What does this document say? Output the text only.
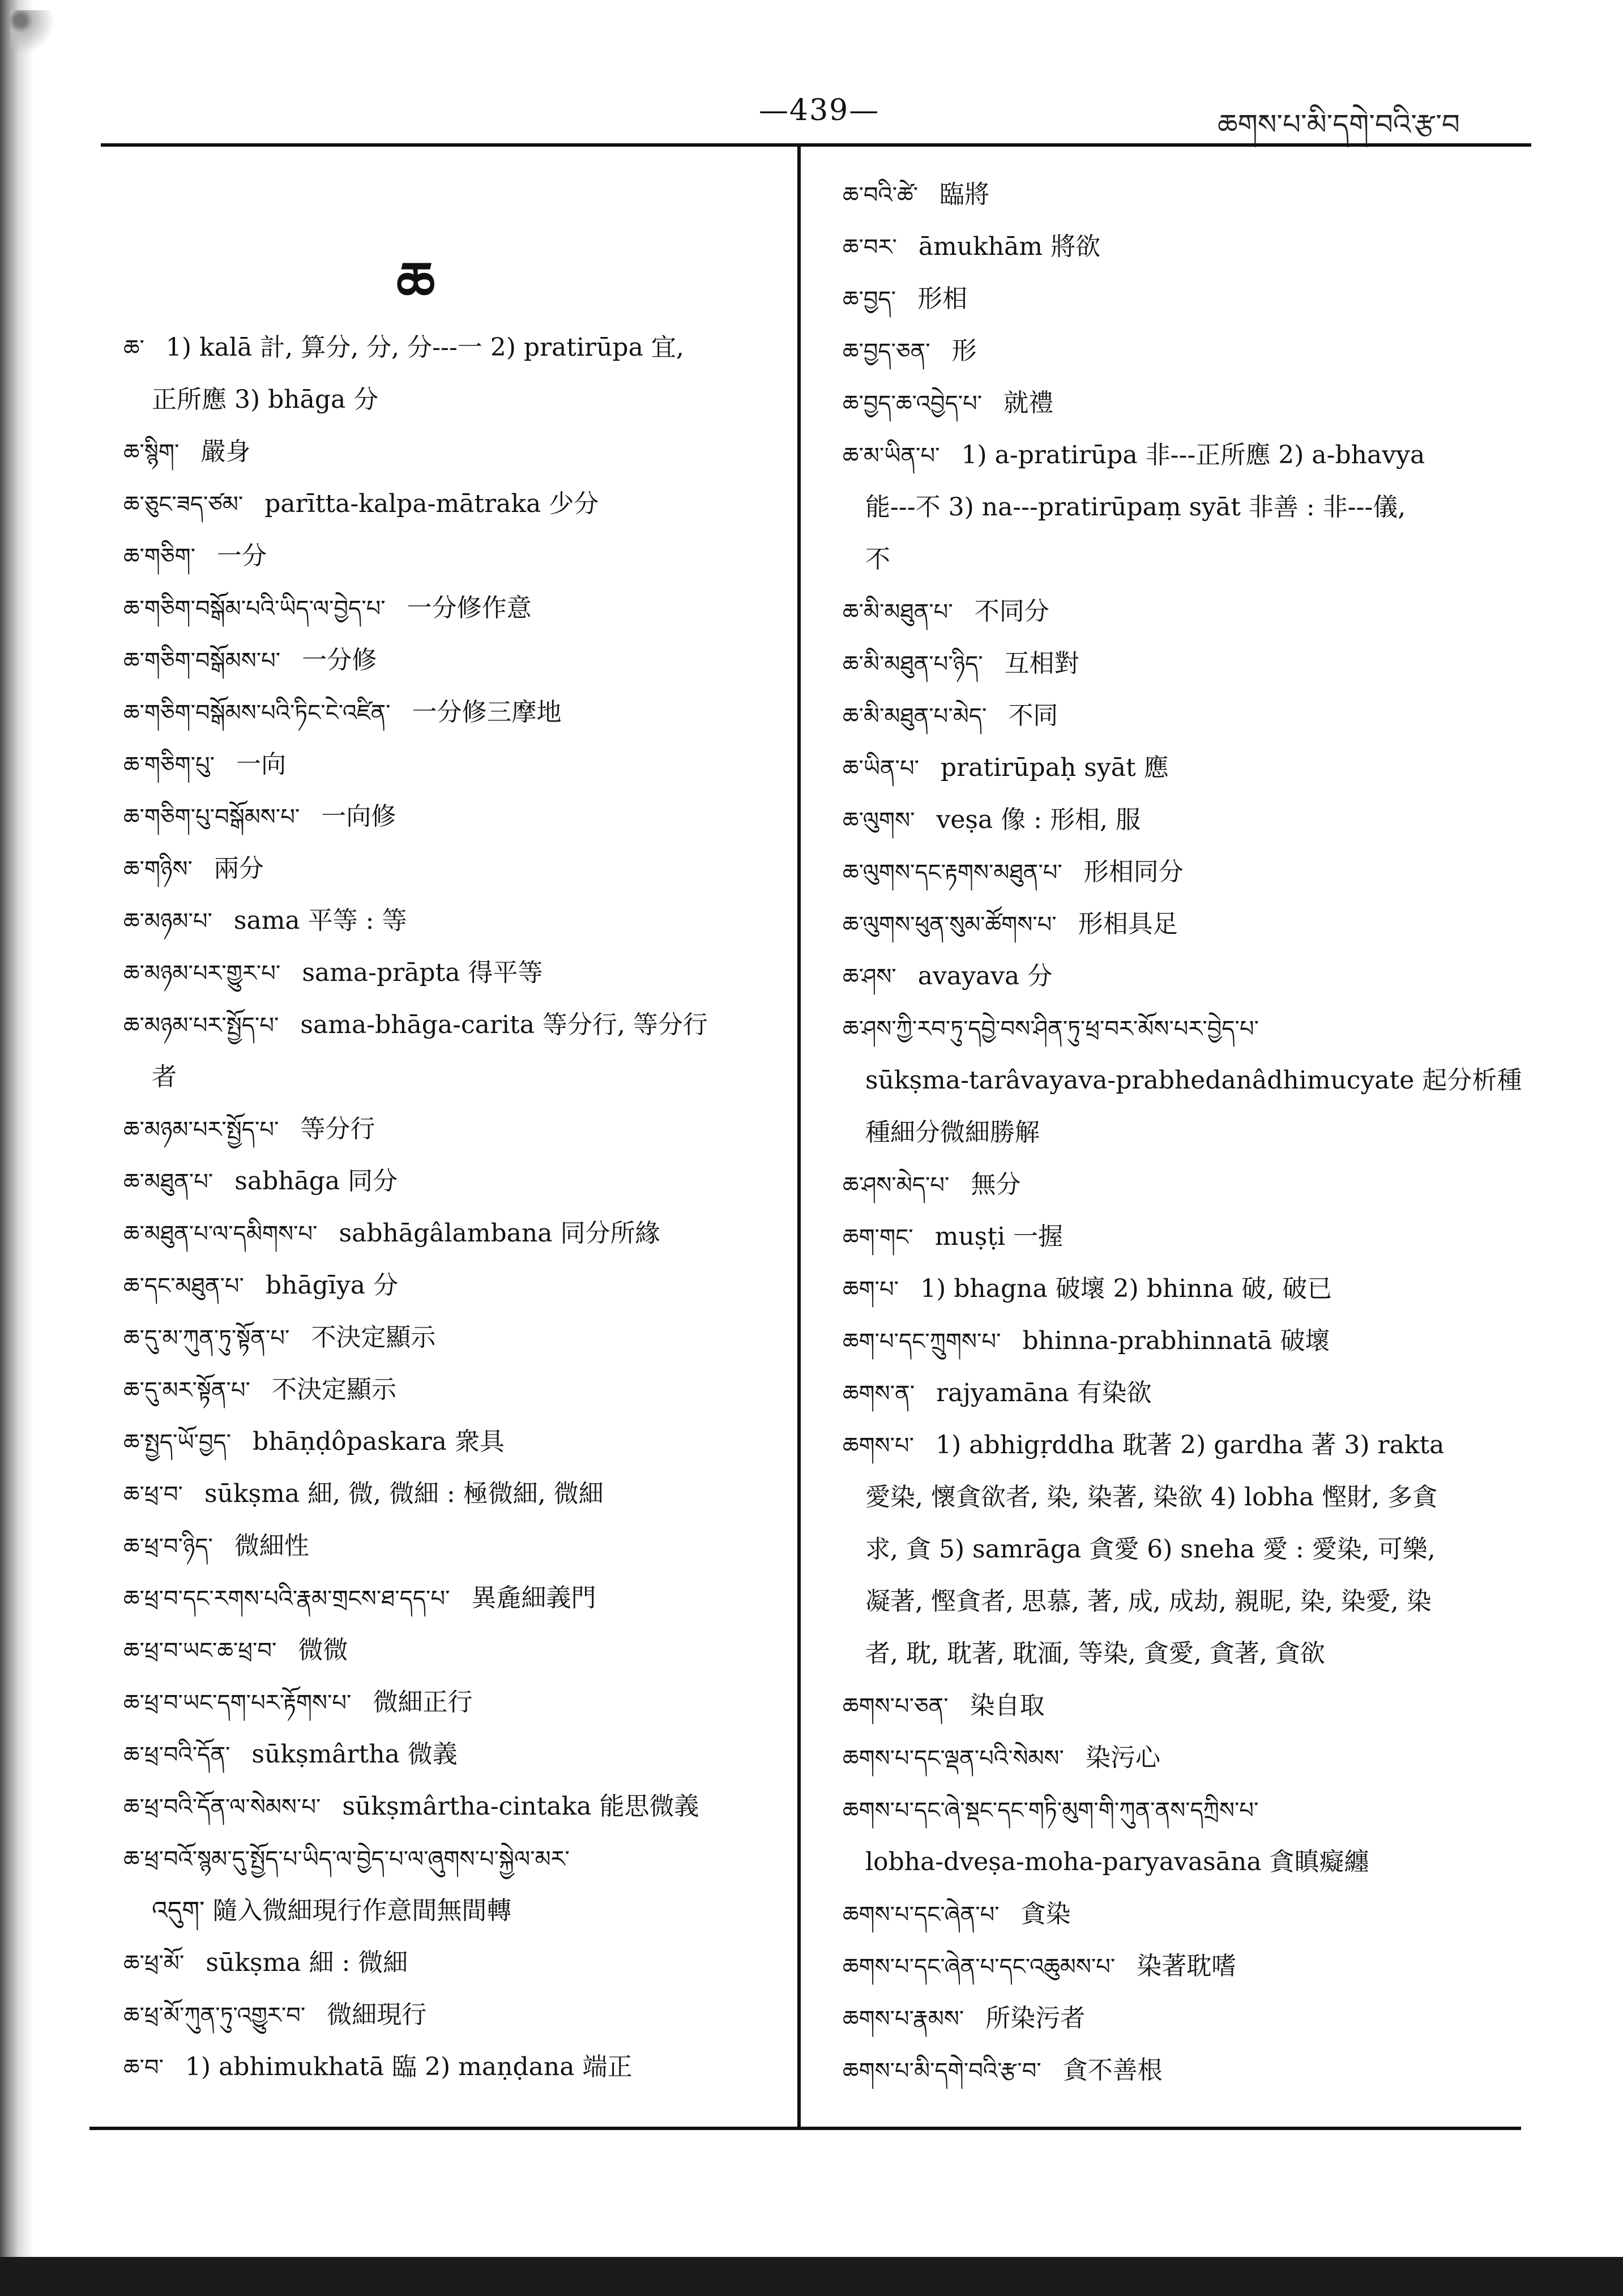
—439—	ཆགས་པ་མི་དགེ་བའི་རྩ་བ
ཆ
ཆ་ 1) kalā 計, 算分, 分, 分---一 2) pratirūpa 宜,
正所應 3) bhāga 分
ཆ་སྙིག་ 嚴身
ཆ་ཅུང་ཟད་ཙམ་ parītta-kalpa-mātraka 少分
ཆ་གཅིག་ 一分
ཆ་གཅིག་བསྒོམ་པའི་ཡིད་ལ་བྱེད་པ་ 一分修作意
ཆ་གཅིག་བསྒོམས་པ་ 一分修
ཆ་གཅིག་བསྒོམས་པའི་ཏིང་ངེ་འཛིན་ 一分修三摩地
ཆ་གཅིག་པུ་ 一向
ཆ་གཅིག་པུ་བསྒོམས་པ་ 一向修
ཆ་གཉིས་ 兩分
ཆ་མཉམ་པ་ sama 平等 : 等
ཆ་མཉམ་པར་གྱུར་པ་ sama-prāpta 得平等
ཆ་མཉམ་པར་སྤྱོད་པ་ sama-bhāga-carita 等分行, 等分行
者
ཆ་མཉམ་པར་སྤྱོད་པ་ 等分行
ཆ་མཐུན་པ་ sabhāga 同分
ཆ་མཐུན་པ་ལ་དམིགས་པ་ sabhāgâlambana 同分所緣
ཆ་དང་མཐུན་པ་ bhāgīya 分
ཆ་དུ་མ་ཀུན་ཏུ་སྟོན་པ་ 不決定顯示
ཆ་དུ་མར་སྟོན་པ་ 不決定顯示
ཆ་སྤྱད་ཡོ་བྱད་ bhāṇḍôpaskara 衆具
ཆ་ཕྲ་བ་ sūkṣma 細, 微, 微細 : 極微細, 微細
ཆ་ཕྲ་བ་ཉིད་ 微細性
ཆ་ཕྲ་བ་དང་རགས་པའི་རྣམ་གྲངས་ཐ་དད་པ་ 異麁細義門
ཆ་ཕྲ་བ་ཡང་ཆ་ཕྲ་བ་ 微微
ཆ་ཕྲ་བ་ཡང་དག་པར་རྟོགས་པ་ 微細正行
ཆ་ཕྲ་བའི་དོན་ sūkṣmârtha 微義
ཆ་ཕྲ་བའི་དོན་ལ་སེམས་པ་ sūkṣmârtha-cintaka 能思微義
ཆ་ཕྲ་བའོ་སྙམ་དུ་སྤྱོད་པ་ཡིད་ལ་བྱེད་པ་ལ་ཞུགས་པ་སྐྱེལ་མར་
འདུག་ 隨入微細現行作意間無間轉
ཆ་ཕྲ་མོ་ sūkṣma 細 : 微細
ཆ་ཕྲ་མོ་ཀུན་ཏུ་འགྱུར་བ་ 微細現行
ཆ་བ་ 1) abhimukhatā 臨 2) maṇḍana 端正
ཆ་བའི་ཚེ་ 臨將
ཆ་བར་ āmukhām 將欲
ཆ་བྱད་ 形相
ཆ་བྱད་ཅན་ 形
ཆ་བྱད་ཆ་འབྱེད་པ་ 就禮
ཆ་མ་ཡིན་པ་ 1) a-pratirūpa 非---正所應 2) a-bhavya
能---不 3) na---pratirūpaṃ syāt 非善 : 非---儀,
不
ཆ་མི་མཐུན་པ་ 不同分
ཆ་མི་མཐུན་པ་ཉིད་ 互相對
ཆ་མི་མཐུན་པ་མེད་ 不同
ཆ་ཡིན་པ་ pratirūpaḥ syāt 應
ཆ་ལུགས་ veṣa 像 : 形相, 服
ཆ་ལུགས་དང་རྟགས་མཐུན་པ་ 形相同分
ཆ་ལུགས་ཕུན་སུམ་ཚོགས་པ་ 形相具足
ཆ་ཤས་ avayava 分
ཆ་ཤས་ཀྱི་རབ་ཏུ་དབྱེ་བས་ཤིན་ཏུ་ཕྲ་བར་མོས་པར་བྱེད་པ་
sūkṣma-tarâvayava-prabhedanâdhimucyate 起分析種
種細分微細勝解
ཆ་ཤས་མེད་པ་ 無分
ཆག་གང་ muṣṭi 一握
ཆག་པ་ 1) bhagna 破壞 2) bhinna 破, 破已
ཆག་པ་དང་ཀྲུགས་པ་ bhinna-prabhinnatā 破壞
ཆགས་ན་ rajyamāna 有染欲
ཆགས་པ་ 1) abhigṛddha 耽著 2) gardha 著 3) rakta
愛染, 懷貪欲者, 染, 染著, 染欲 4) lobha 慳財, 多貪
求, 貪 5) samrāga 貪愛 6) sneha 愛 : 愛染, 可樂,
凝著, 慳貪者, 思慕, 著, 成, 成劫, 親昵, 染, 染愛, 染
者, 耽, 耽著, 耽湎, 等染, 貪愛, 貪著, 貪欲
ཆགས་པ་ཅན་ 染自取
ཆགས་པ་དང་ལྡན་པའི་སེམས་ 染污心
ཆགས་པ་དང་ཞེ་སྡང་དང་གཏི་མུག་གི་ཀུན་ནས་དཀྲིས་པ་
lobha-dveṣa-moha-paryavasāna 貪瞋癡纏
ཆགས་པ་དང་ཞེན་པ་ 貪染
ཆགས་པ་དང་ཞེན་པ་དང་འཆུམས་པ་ 染著耽嗜
ཆགས་པ་རྣམས་ 所染污者
ཆགས་པ་མི་དགེ་བའི་རྩ་བ་ 貪不善根
